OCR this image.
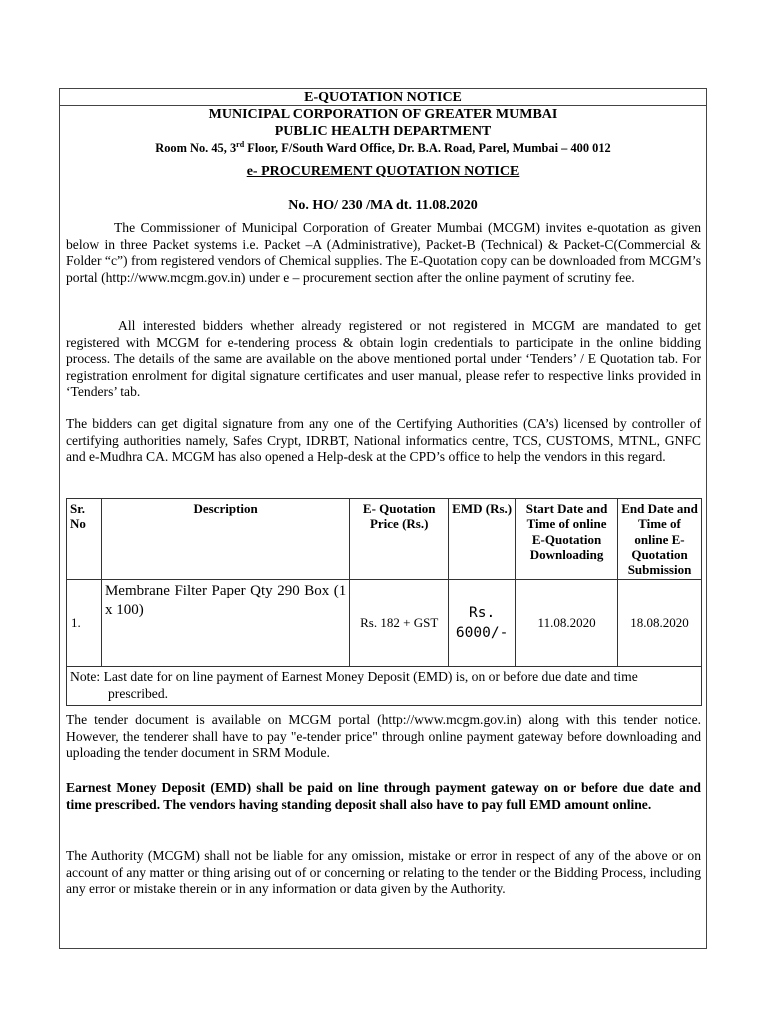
E-QUOTATION NOTICE
MUNICIPAL CORPORATION OF GREATER MUMBAI
PUBLIC HEALTH DEPARTMENT
Room No. 45, 3rd Floor, F/South Ward Office, Dr. B.A. Road, Parel, Mumbai – 400 012
e- PROCUREMENT QUOTATION NOTICE
No. HO/ 230 /MA dt. 11.08.2020

The Commissioner of Municipal Corporation of Greater Mumbai (MCGM) invites e-quotation as given below in three Packet systems i.e. Packet –A (Administrative), Packet-B (Technical) & Packet-C(Commercial & Folder “c”) from registered vendors of Chemical supplies. The E-Quotation copy can be downloaded from MCGM’s portal (http://www.mcgm.gov.in) under e – procurement section after the online payment of scrutiny fee.

All interested bidders whether already registered or not registered in MCGM are mandated to get registered with MCGM for e-tendering process & obtain login credentials to participate in the online bidding process. The details of the same are available on the above mentioned portal under ‘Tenders’ / E Quotation tab. For registration enrolment for digital signature certificates and user manual, please refer to respective links provided in ‘Tenders’ tab.

The bidders can get digital signature from any one of the Certifying Authorities (CA’s) licensed by controller of certifying authorities namely, Safes Crypt, IDRBT, National informatics centre, TCS, CUSTOMS, MTNL, GNFC and e-Mudhra CA. MCGM has also opened a Help-desk at the CPD’s office to help the vendors in this regard.

Sr. No	Description	E- Quotation Price (Rs.)	EMD (Rs.)	Start Date and Time of online E-Quotation Downloading	End Date and Time of online E-Quotation Submission
1.	Membrane Filter Paper Qty 290 Box (1 x 100)	Rs. 182 + GST	Rs. 6000/-	11.08.2020	18.08.2020

Note: Last date for on line payment of Earnest Money Deposit (EMD) is, on or before due date and time prescribed.					

The tender document is available on MCGM portal (http://www.mcgm.gov.in) along with this tender notice. However, the tenderer shall have to pay "e-tender price" through online payment gateway before downloading and uploading the tender document in SRM Module.

Earnest Money Deposit (EMD) shall be paid on line through payment gateway on or before due date and time prescribed. The vendors having standing deposit shall also have to pay full EMD amount online.

The Authority (MCGM) shall not be liable for any omission, mistake or error in respect of any of the above or on account of any matter or thing arising out of or concerning or relating to the tender or the Bidding Process, including any error or mistake therein or in any information or data given by the Authority.
